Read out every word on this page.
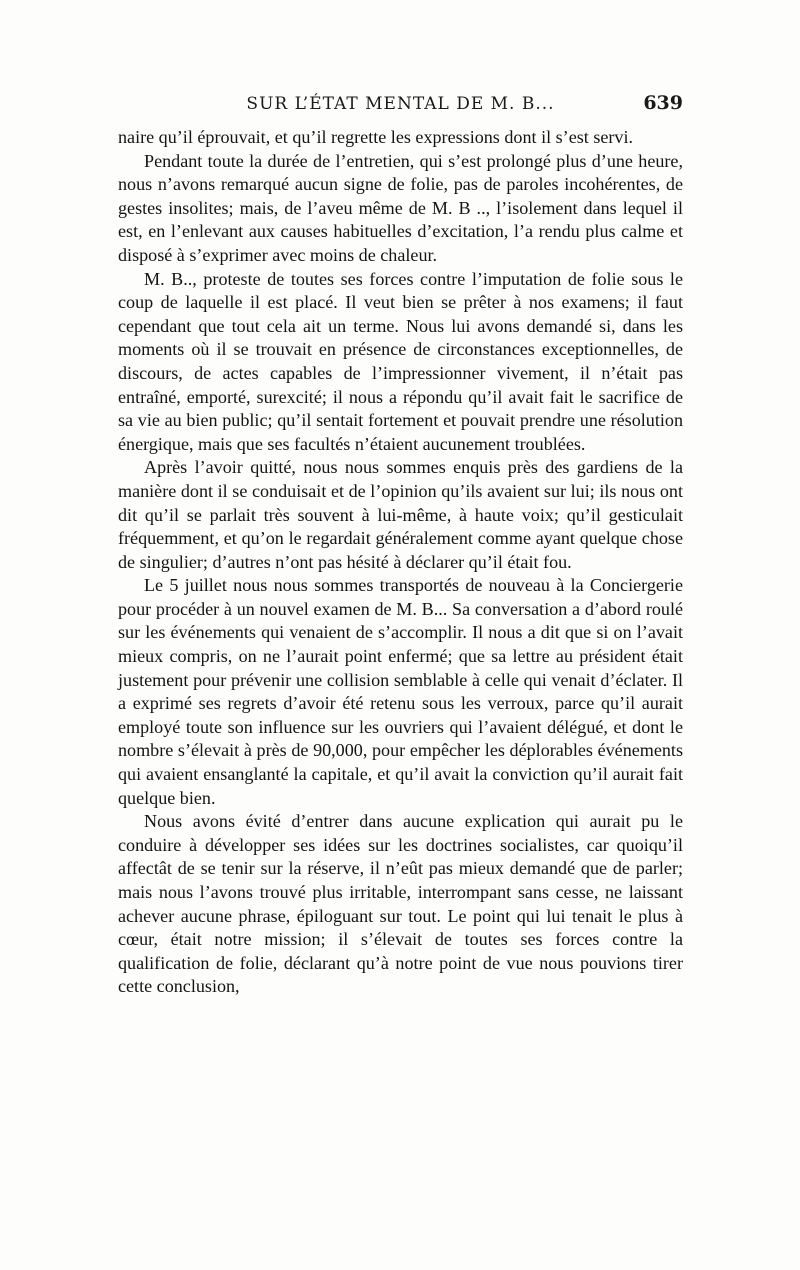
SUR L’ÉTAT MENTAL DE M. B...	639

naire qu’il éprouvait, et qu’il regrette les expressions dont il s’est servi.

Pendant toute la durée de l’entretien, qui s’est prolongé plus d’une heure, nous n’avons remarqué aucun signe de folie, pas de paroles incohérentes, de gestes insolites; mais, de l’aveu même de M. B .., l’isolement dans lequel il est, en l’enlevant aux causes habituelles d’excitation, l’a rendu plus calme et disposé à s’exprimer avec moins de chaleur.

M. B.., proteste de toutes ses forces contre l’imputation de folie sous le coup de laquelle il est placé. Il veut bien se prêter à nos examens; il faut cependant que tout cela ait un terme. Nous lui avons demandé si, dans les moments où il se trouvait en présence de circonstances exceptionnelles, de discours, de actes capables de l’impressionner vivement, il n’était pas entraîné, emporté, surexcité; il nous a répondu qu’il avait fait le sacrifice de sa vie au bien public; qu’il sentait fortement et pouvait prendre une résolution énergique, mais que ses facultés n’étaient aucunement troublées.

Après l’avoir quitté, nous nous sommes enquis près des gardiens de la manière dont il se conduisait et de l’opinion qu’ils avaient sur lui; ils nous ont dit qu’il se parlait très souvent à lui-même, à haute voix; qu’il gesticulait fréquemment, et qu’on le regardait généralement comme ayant quelque chose de singulier; d’autres n’ont pas hésité à déclarer qu’il était fou.

Le 5 juillet nous nous sommes transportés de nouveau à la Conciergerie pour procéder à un nouvel examen de M. B... Sa conversation a d’abord roulé sur les événements qui venaient de s’accomplir. Il nous a dit que si on l’avait mieux compris, on ne l’aurait point enfermé; que sa lettre au président était justement pour prévenir une collision semblable à celle qui venait d’éclater. Il a exprimé ses regrets d’avoir été retenu sous les verroux, parce qu’il aurait employé toute son influence sur les ouvriers qui l’avaient délégué, et dont le nombre s’élevait à près de 90,000, pour empêcher les déplorables événements qui avaient ensanglanté la capitale, et qu’il avait la conviction qu’il aurait fait quelque bien.

Nous avons évité d’entrer dans aucune explication qui aurait pu le conduire à développer ses idées sur les doctrines socialistes, car quoiqu’il affectât de se tenir sur la réserve, il n’eût pas mieux demandé que de parler; mais nous l’avons trouvé plus irritable, interrompant sans cesse, ne laissant achever aucune phrase, épiloguant sur tout. Le point qui lui tenait le plus à cœur, était notre mission; il s’élevait de toutes ses forces contre la qualification de folie, déclarant qu’à notre point de vue nous pouvions tirer cette conclusion,
